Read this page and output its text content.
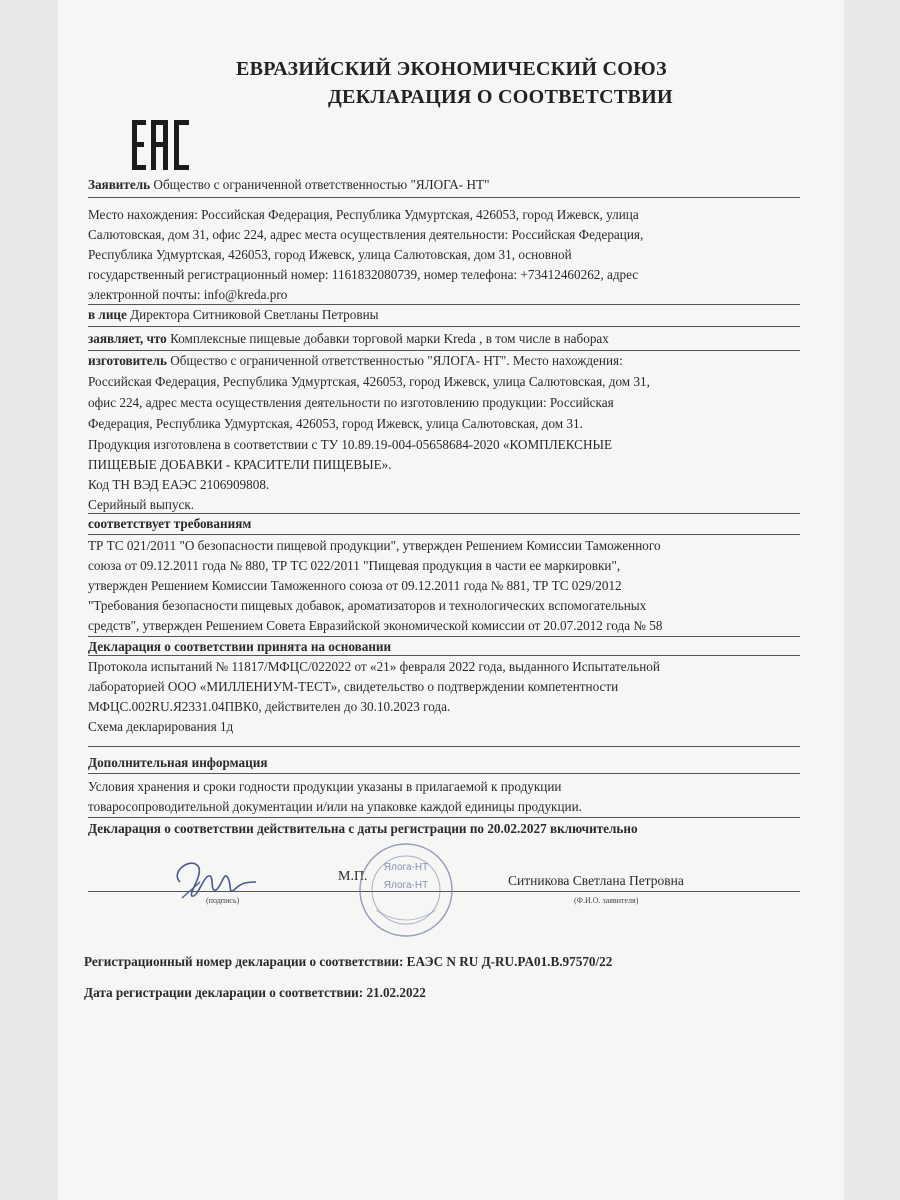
ЕВРАЗИЙСКИЙ ЭКОНОМИЧЕСКИЙ СОЮЗ
ДЕКЛАРАЦИЯ О СООТВЕТСТВИИ
Заявитель Общество с ограниченной ответственностью "ЯЛОГА- НТ"
Место нахождения: Российская Федерация, Республика Удмуртская, 426053, город Ижевск, улица
Салютовская, дом 31, офис 224, адрес места осуществления деятельности: Российская Федерация,
Республика Удмуртская, 426053, город Ижевск, улица Салютовская, дом 31, основной
государственный регистрационный номер: 1161832080739, номер телефона: +73412460262, адрес
электронной почты: info@kreda.pro
в лице Директора Ситниковой Светланы Петровны
заявляет, что Комплексные пищевые добавки торговой марки Kreda , в том числе в наборах
изготовитель Общество с ограниченной ответственностью "ЯЛОГА- НТ". Место нахождения:
Российская Федерация, Республика Удмуртская, 426053, город Ижевск, улица Салютовская, дом 31,
офис 224, адрес места осуществления деятельности по изготовлению продукции: Российская
Федерация, Республика Удмуртская, 426053, город Ижевск, улица Салютовская, дом 31.
Продукция изготовлена в соответствии с ТУ 10.89.19-004-05658684-2020 «КОМПЛЕКСНЫЕ
ПИЩЕВЫЕ ДОБАВКИ - КРАСИТЕЛИ ПИЩЕВЫЕ».
Код ТН ВЭД ЕАЭС 2106909808.
Серийный выпуск.
соответствует требованиям
ТР ТС 021/2011 "О безопасности пищевой продукции", утвержден Решением Комиссии Таможенного
союза от 09.12.2011 года № 880, ТР ТС 022/2011 "Пищевая продукция в части ее маркировки",
утвержден Решением Комиссии Таможенного союза от 09.12.2011 года № 881, ТР ТС 029/2012
"Требования безопасности пищевых добавок, ароматизаторов и технологических вспомогательных
средств", утвержден Решением Совета Евразийской экономической комиссии от 20.07.2012 года № 58
Декларация о соответствии принята на основании
Протокола испытаний № 11817/МФЦС/022022 от «21» февраля 2022 года, выданного Испытательной
лабораторией ООО «МИЛЛЕНИУМ-ТЕСТ», свидетельство о подтверждении компетентности
МФЦС.002RU.Я2331.04ПВК0, действителен до 30.10.2023 года.
Схема декларирования 1д
Дополнительная информация
Условия хранения и сроки годности продукции указаны в прилагаемой к продукции
товаросопроводительной документации и/или на упаковке каждой единицы продукции.
Декларация о соответствии действительна с даты регистрации по 20.02.2027 включительно
М.П.	Ситникова Светлана Петровна
(подпись)	(Ф.И.О. заявителя)
Ялога-НТ
Ялога-НТ
Регистрационный номер декларации о соответствии: ЕАЭС N RU Д-RU.PA01.B.97570/22
Дата регистрации декларации о соответствии: 21.02.2022
